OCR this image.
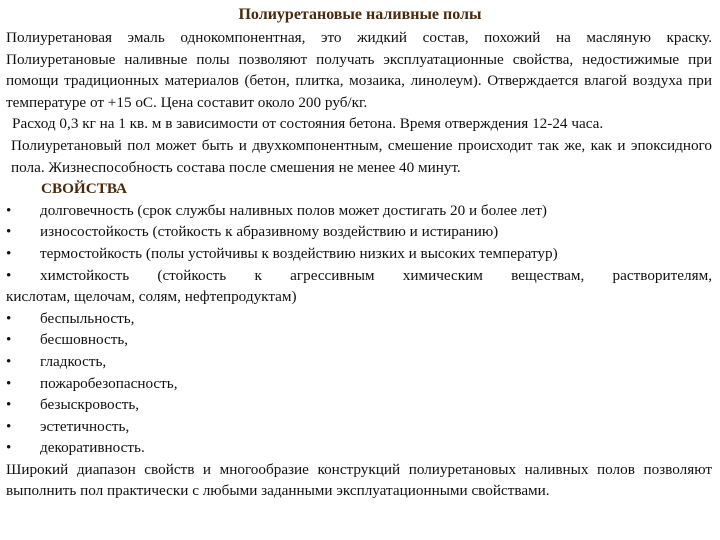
Полиуретановые наливные полы

Полиуретановая эмаль однокомпонентная, это жидкий состав, похожий на масляную краску. Полиуретановые наливные полы позволяют получать эксплуатационные свойства, недостижимые при помощи традиционных материалов (бетон, плитка, мозаика, линолеум). Отверждается влагой воздуха при температуре от +15 оС. Цена составит около 200 руб/кг.

Расход 0,3 кг на 1 кв. м в зависимости от состояния бетона. Время отверждения 12-24 часа.

Полиуретановый пол может быть и двухкомпонентным, смешение происходит так же, как и эпоксидного пола. Жизнеспособность состава после смешения не менее 40 минут.

СВОЙСТВА

• долговечность (срок службы наливных полов может достигать 20 и более лет)
• износостойкость (стойкость к абразивному воздействию и истиранию)
• термостойкость (полы устойчивы к воздействию низких и высоких температур)
•	химстойкость (стойкость к агрессивным химическим веществам, растворителям,
кислотам, щелочам, солям, нефтепродуктам)
• беспыльность,
• бесшовность,
• гладкость,
• пожаробезопасность,
• безыскровость,
• эстетичность,
• декоративность.

Широкий диапазон свойств и многообразие конструкций полиуретановых наливных полов позволяют выполнить пол практически с любыми заданными эксплуатационными свойствами.
